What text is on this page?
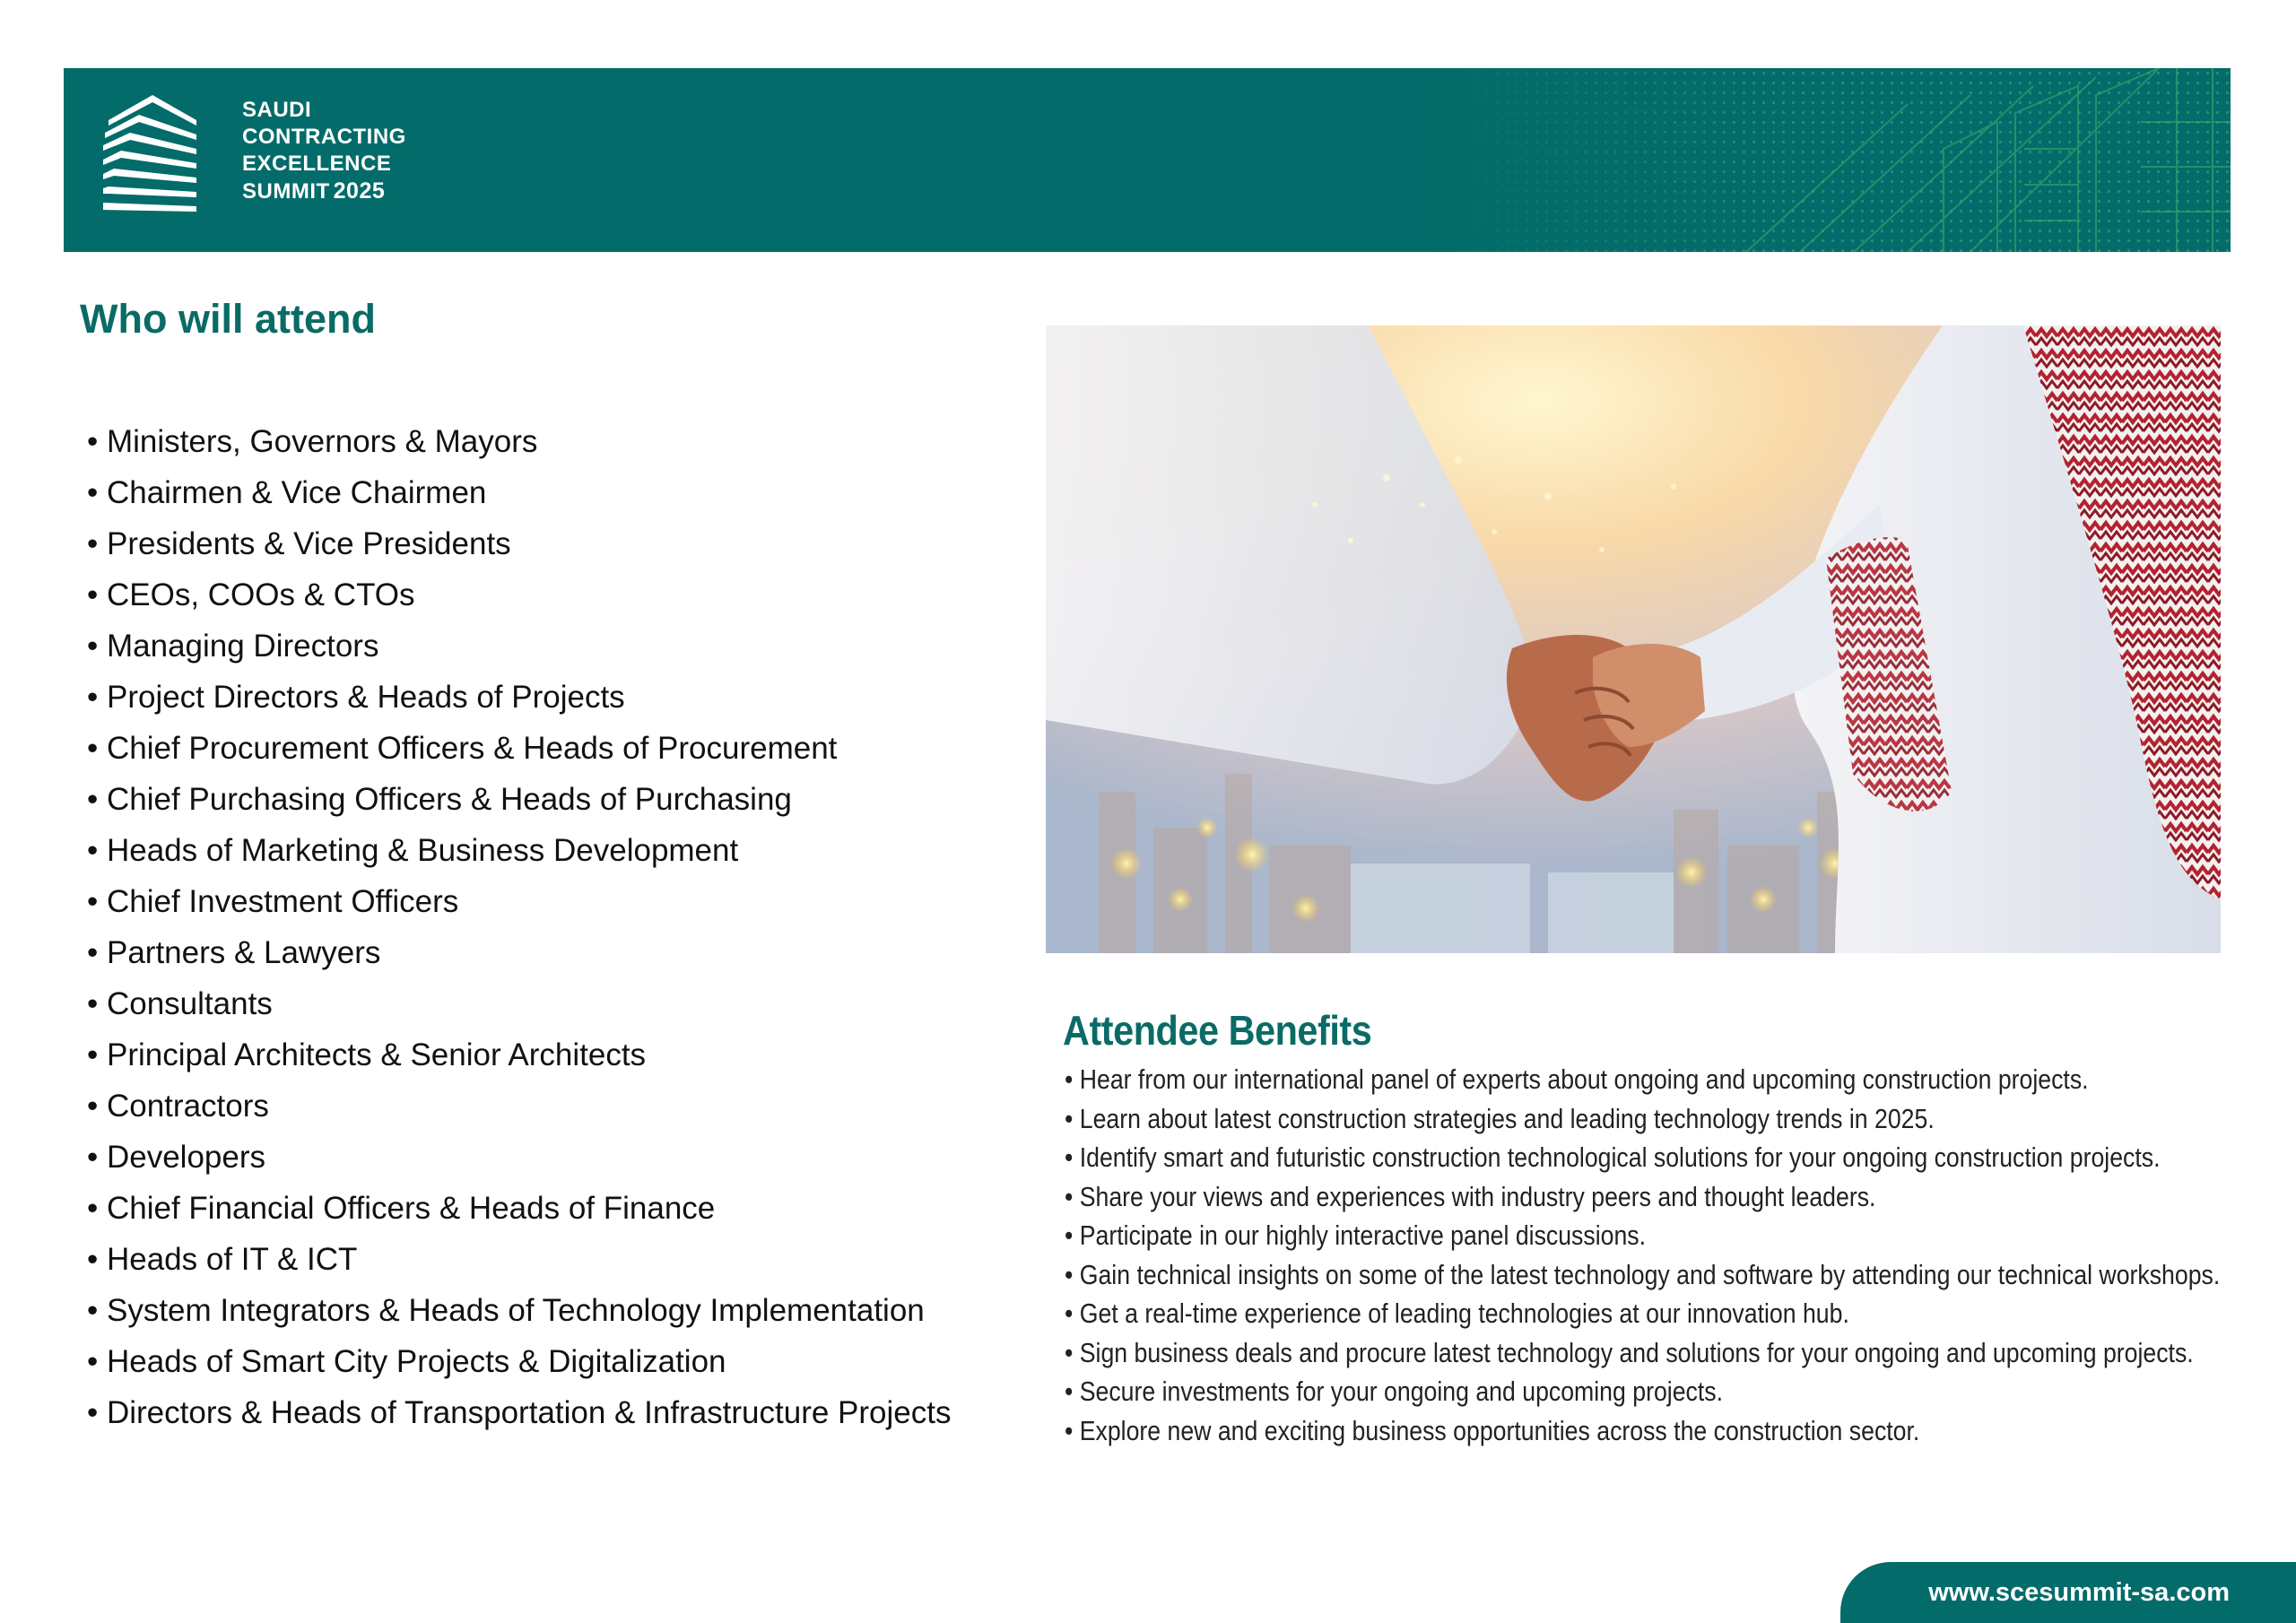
SAUDI
CONTRACTING
EXCELLENCE
SUMMIT 2025
Who will attend
• Ministers, Governors & Mayors
• Chairmen & Vice Chairmen
• Presidents & Vice Presidents
• CEOs, COOs & CTOs
• Managing Directors
• Project Directors & Heads of Projects
• Chief Procurement Officers & Heads of Procurement
• Chief Purchasing Officers & Heads of Purchasing
• Heads of Marketing & Business Development
• Chief Investment Officers
• Partners & Lawyers
• Consultants
• Principal Architects & Senior Architects
• Contractors
• Developers
• Chief Financial Officers & Heads of Finance
• Heads of IT & ICT
• System Integrators & Heads of Technology Implementation
• Heads of Smart City Projects & Digitalization
• Directors & Heads of Transportation & Infrastructure Projects
Attendee Benefits
• Hear from our international panel of experts about ongoing and upcoming construction projects.
• Learn about latest construction strategies and leading technology trends in 2025.
• Identify smart and futuristic construction technological solutions for your ongoing construction projects.
• Share your views and experiences with industry peers and thought leaders.
• Participate in our highly interactive panel discussions.
• Gain technical insights on some of the latest technology and software by attending our technical workshops.
• Get a real-time experience of leading technologies at our innovation hub.
• Sign business deals and procure latest technology and solutions for your ongoing and upcoming projects.
• Secure investments for your ongoing and upcoming projects.
• Explore new and exciting business opportunities across the construction sector.
www.scesummit-sa.com
